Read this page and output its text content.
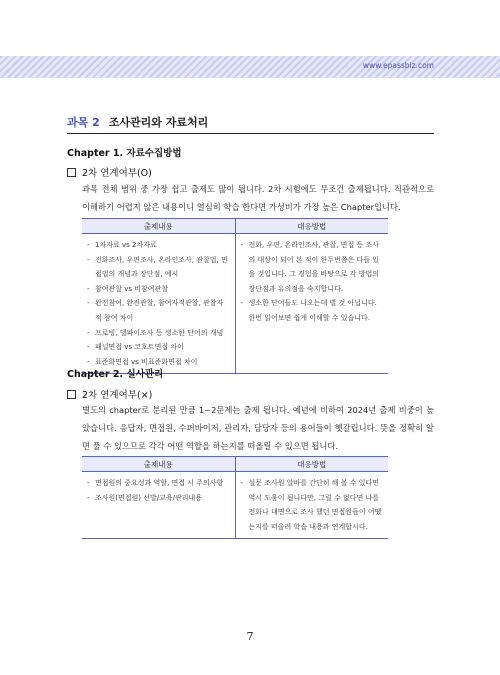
www.epassbiz.com
과목 2 조사관리와 자료처리
Chapter 1. 자료수집방법
2차 연계여부(O)
과목 전체 범위 중 가장 쉽고 출제도 많이 됩니다. 2차 시험에도 무조건 출제됩니다. 직관적으로 이해하기 어렵지 않은 내용이니 열심히 학습 한다면 가성비가 가장 높은 Chapter입니다.
출제내용	대응방법
- 1차자료 vs 2차자료
- 전화조사, 우편조사, 온라인조사, 관찰법, 면접법의 개념과 장단점, 예시
- 참여관찰 vs 비참여관찰
- 완전참여, 완전관찰, 참여자적관찰, 관찰자적 참여 차이
- 프로빙, 델파이조사 등 생소한 단어의 개념
- 패널면접 vs 코호트면접 차이
- 표준화면접 vs 비표준화면접 차이
- 전화, 우편, 온라인조사, 관찰, 면접 등 조사의 대상이 되어 본 적이 한두번쯤은 다들 있을 것입니다. 그 경험을 바탕으로 각 방법의 장단점과 유의점을 숙지합니다.
- 생소한 단어들도 나오는데 별 것 아닙니다. 한번 읽어보면 쉽게 이해할 수 있습니다.
Chapter 2. 실사관리
2차 연계여부(×)
별도의 chapter로 분리된 만큼 1~2문제는 출제 됩니다. 예년에 비하여 2024년 출제 비중이 높았습니다. 응답자, 면접원, 수퍼바이저, 관리자, 담당자 등의 용어들이 헷갈립니다. 뜻을 정확히 알면 풀 수 있으므로 각각 어떤 역할을 하는지를 떠올릴 수 있으면 됩니다.
출제내용	대응방법
- 면접원의 중요성과 역할, 면접 시 주의사항
- 조사원(면접원) 선발/교육/관리내용
- 설문 조사원 알바를 간단히 해 볼 수 있다면 역시 도움이 됩니다만, 그럴 수 없다면 나를 전화나 대면으로 조사 했던 면접원들이 어땠는지를 떠올려 학습 내용과 연계합시다.
7
